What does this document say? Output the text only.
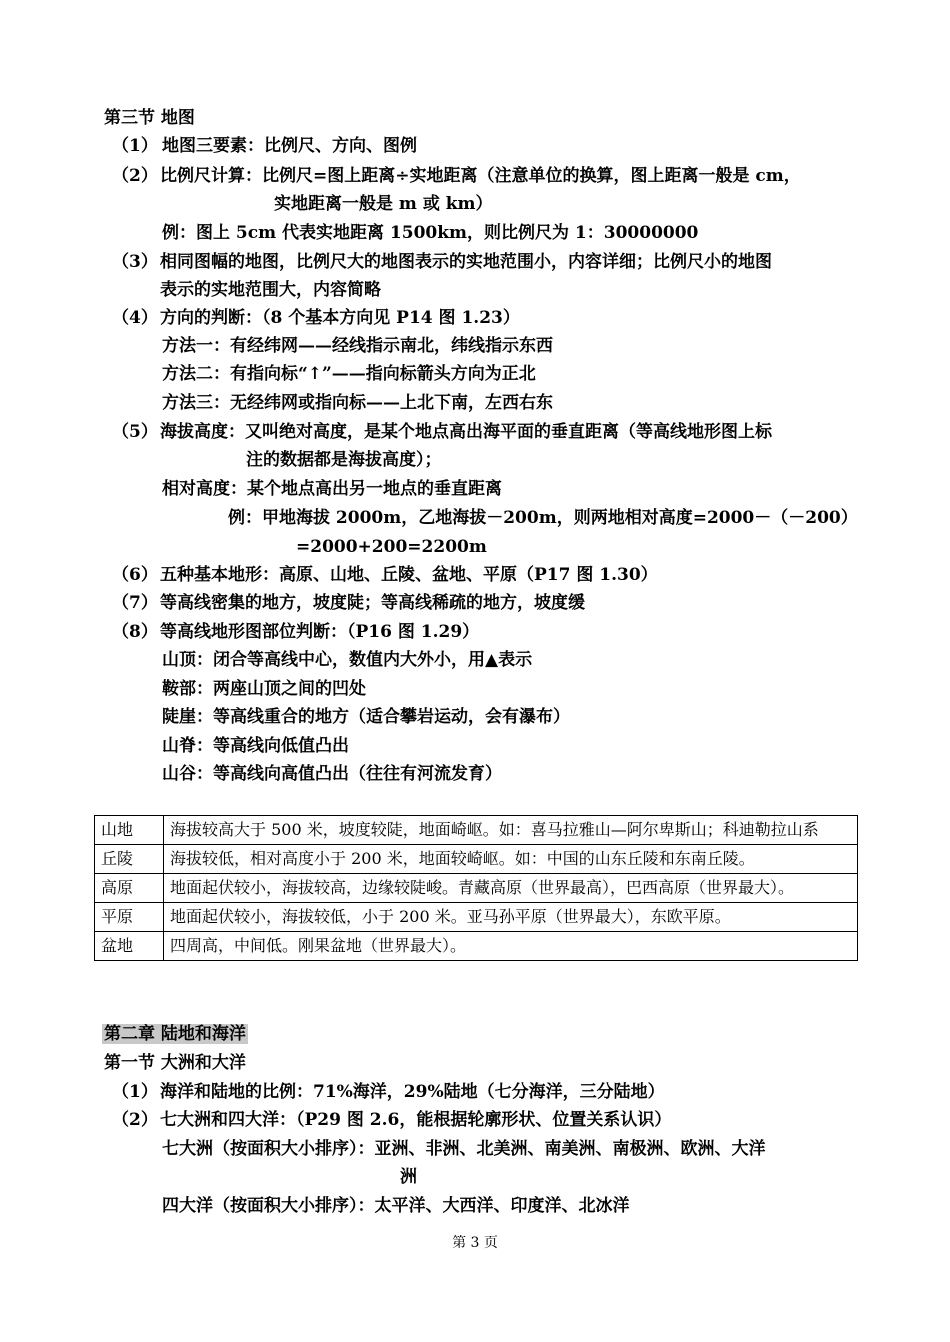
第三节 地图
（1） 地图三要素：比例尺、方向、图例
（2） 比例尺计算：比例尺=图上距离÷实地距离（注意单位的换算，图上距离一般是 cm，
实地距离一般是 m 或 km）
例：图上 5cm 代表实地距离 1500km，则比例尺为 1：30000000
（3） 相同图幅的地图，比例尺大的地图表示的实地范围小，内容详细；比例尺小的地图
表示的实地范围大，内容简略
（4） 方向的判断：（8 个基本方向见 P14 图 1.23）
方法一：有经纬网——经线指示南北，纬线指示东西
方法二：有指向标“↑”——指向标箭头方向为正北
方法三：无经纬网或指向标——上北下南，左西右东
（5） 海拔高度：又叫绝对高度，是某个地点高出海平面的垂直距离（等高线地形图上标
注的数据都是海拔高度）；
相对高度：某个地点高出另一地点的垂直距离
例：甲地海拔 2000m，乙地海拔－200m，则两地相对高度=2000－（－200）
=2000+200=2200m
（6） 五种基本地形：高原、山地、丘陵、盆地、平原（P17 图 1.30）
（7） 等高线密集的地方，坡度陡；等高线稀疏的地方，坡度缓
（8） 等高线地形图部位判断：（P16 图 1.29）
山顶：闭合等高线中心，数值内大外小，用▲表示
鞍部：两座山顶之间的凹处
陡崖：等高线重合的地方（适合攀岩运动，会有瀑布）
山脊：等高线向低值凸出
山谷：等高线向高值凸出（往往有河流发育）
山地	海拔较高大于 500 米，坡度较陡，地面崎岖。如：喜马拉雅山—阿尔卑斯山；科迪勒拉山系
丘陵	海拔较低，相对高度小于 200 米，地面较崎岖。如：中国的山东丘陵和东南丘陵。
高原	地面起伏较小，海拔较高，边缘较陡峻。青藏高原（世界最高），巴西高原（世界最大）。
平原	地面起伏较小，海拔较低，小于 200 米。亚马孙平原（世界最大），东欧平原。
盆地	四周高，中间低。刚果盆地（世界最大）。
第二章 陆地和海洋
第一节 大洲和大洋
（1） 海洋和陆地的比例：71%海洋，29%陆地（七分海洋，三分陆地）
（2） 七大洲和四大洋：（P29 图 2.6，能根据轮廓形状、位置关系认识）
七大洲（按面积大小排序）：亚洲、非洲、北美洲、南美洲、南极洲、欧洲、大洋
洲
四大洋（按面积大小排序）：太平洋、大西洋、印度洋、北冰洋
第 3 页
